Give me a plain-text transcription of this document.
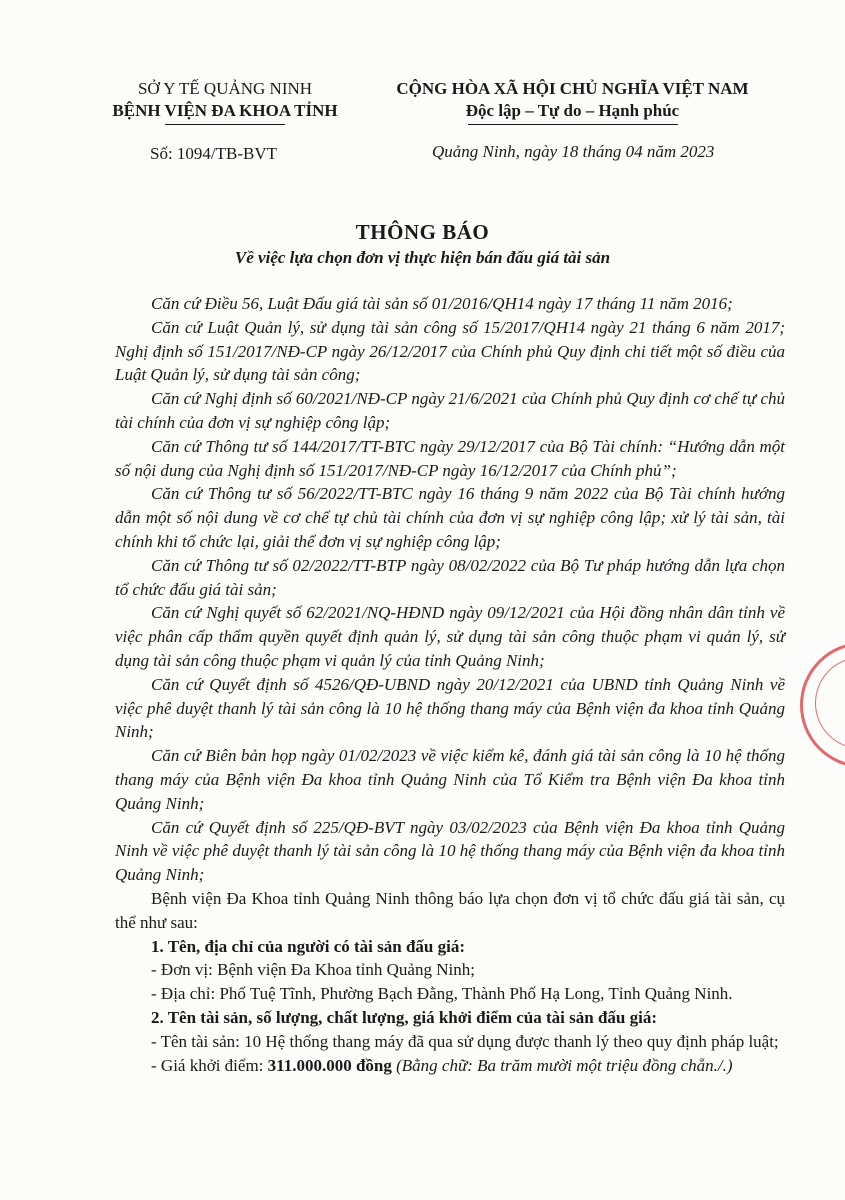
SỞ Y TẾ QUẢNG NINH
BỆNH VIỆN ĐA KHOA TỈNH
CỘNG HÒA XÃ HỘI CHỦ NGHĨA VIỆT NAM
Độc lập – Tự do – Hạnh phúc
Số: 1094/TB-BVT	Quảng Ninh, ngày 18 tháng 04 năm 2023
THÔNG BÁO
Về việc lựa chọn đơn vị thực hiện bán đấu giá tài sản

Căn cứ Điều 56, Luật Đấu giá tài sản số 01/2016/QH14 ngày 17 tháng 11 năm 2016;

Căn cứ Luật Quản lý, sử dụng tài sản công số 15/2017/QH14 ngày 21 tháng 6 năm 2017; Nghị định số 151/2017/NĐ-CP ngày 26/12/2017 của Chính phủ Quy định chi tiết một số điều của Luật Quản lý, sử dụng tài sản công;

Căn cứ Nghị định số 60/2021/NĐ-CP ngày 21/6/2021 của Chính phủ Quy định cơ chế tự chủ tài chính của đơn vị sự nghiệp công lập;

Căn cứ Thông tư số 144/2017/TT-BTC ngày 29/12/2017 của Bộ Tài chính: “Hướng dẫn một số nội dung của Nghị định số 151/2017/NĐ-CP ngày 16/12/2017 của Chính phủ”;

Căn cứ Thông tư số 56/2022/TT-BTC ngày 16 tháng 9 năm 2022 của Bộ Tài chính hướng dẫn một số nội dung về cơ chế tự chủ tài chính của đơn vị sự nghiệp công lập; xử lý tài sản, tài chính khi tổ chức lại, giải thể đơn vị sự nghiệp công lập;

Căn cứ Thông tư số 02/2022/TT-BTP ngày 08/02/2022 của Bộ Tư pháp hướng dẫn lựa chọn tổ chức đấu giá tài sản;

Căn cứ Nghị quyết số 62/2021/NQ-HĐND ngày 09/12/2021 của Hội đồng nhân dân tỉnh về việc phân cấp thẩm quyền quyết định quản lý, sử dụng tài sản công thuộc phạm vi quản lý, sử dụng tài sản công thuộc phạm vi quản lý của tỉnh Quảng Ninh;

Căn cứ Quyết định số 4526/QĐ-UBND ngày 20/12/2021 của UBND tỉnh Quảng Ninh về việc phê duyệt thanh lý tài sản công là 10 hệ thống thang máy của Bệnh viện đa khoa tỉnh Quảng Ninh;

Căn cứ Biên bản họp ngày 01/02/2023 về việc kiểm kê, đánh giá tài sản công là 10 hệ thống thang máy của Bệnh viện Đa khoa tỉnh Quảng Ninh của Tổ Kiểm tra Bệnh viện Đa khoa tỉnh Quảng Ninh;

Căn cứ Quyết định số 225/QĐ-BVT ngày 03/02/2023 của Bệnh viện Đa khoa tỉnh Quảng Ninh về việc phê duyệt thanh lý tài sản công là 10 hệ thống thang máy của Bệnh viện đa khoa tỉnh Quảng Ninh;

Bệnh viện Đa Khoa tỉnh Quảng Ninh thông báo lựa chọn đơn vị tổ chức đấu giá tài sản, cụ thể như sau:

1. Tên, địa chỉ của người có tài sản đấu giá:

- Đơn vị: Bệnh viện Đa Khoa tỉnh Quảng Ninh;

- Địa chỉ: Phố Tuệ Tĩnh, Phường Bạch Đằng, Thành Phố Hạ Long, Tỉnh Quảng Ninh.

2. Tên tài sản, số lượng, chất lượng, giá khởi điểm của tài sản đấu giá:

- Tên tài sản: 10 Hệ thống thang máy đã qua sử dụng được thanh lý theo quy định pháp luật;

- Giá khởi điểm: 311.000.000 đồng (Bằng chữ: Ba trăm mười một triệu đồng chẵn./.)
